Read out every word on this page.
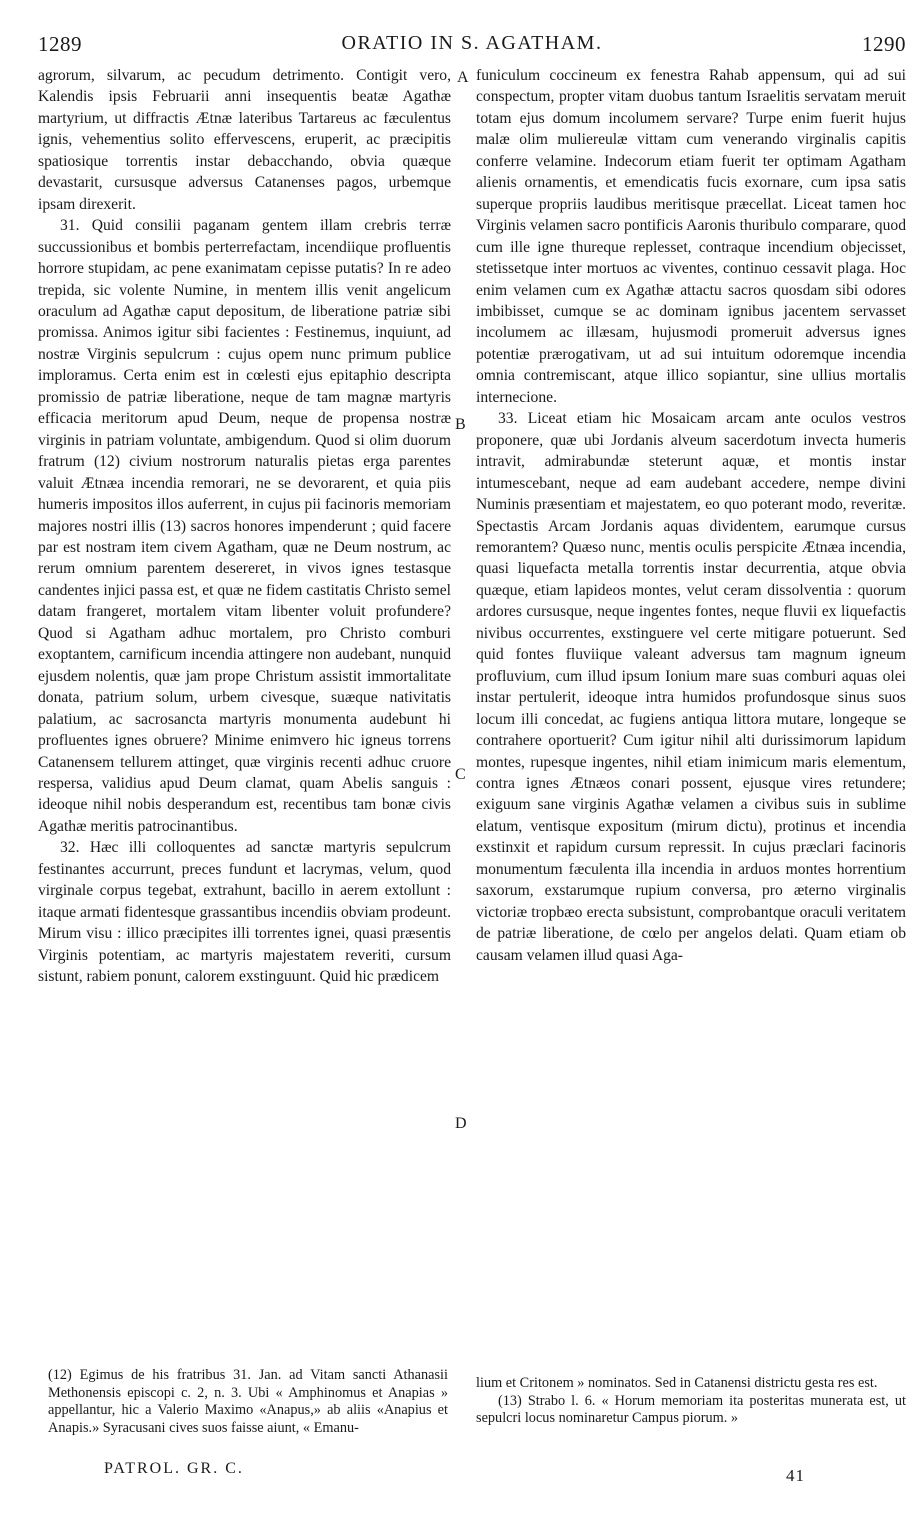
1289	ORATIO IN S. AGATHAM.	1290

agrorum, silvarum, ac pecudum detrimento. Contigit vero, Kalendis ipsis Februarii anni insequentis beatæ Agathæ martyrium, ut diffractis Ætnæ lateribus Tartareus ac fæculentus ignis, vehementius solito effervescens, eruperit, ac præcipitis spatiosique torrentis instar debacchando, obvia quæque devastarit, cursusque adversus Catanenses pagos, urbemque ipsam direxerit.

31. Quid consilii paganam gentem illam crebris terræ succussionibus et bombis perterrefactam, incendiique profluentis horrore stupidam, ac pene exanimatam cepisse putatis? In re adeo trepida, sic volente Numine, in mentem illis venit angelicum oraculum ad Agathæ caput depositum, de liberatione patriæ sibi promissa. Animos igitur sibi facientes : Festinemus, inquiunt, ad nostræ Virginis sepulcrum : cujus opem nunc primum publice imploramus. Certa enim est in cœlesti ejus epitaphio descripta promissio de patriæ liberatione, neque de tam magnæ martyris efficacia meritorum apud Deum, neque de propensa nostræ virginis in patriam voluntate, ambigendum. Quod si olim duorum fratrum (12) civium nostrorum naturalis pietas erga parentes valuit Ætnæa incendia remorari, ne se devorarent, et quia piis humeris impositos illos auferrent, in cujus pii facinoris memoriam majores nostri illis (13) sacros honores impenderunt ; quid facere par est nostram item civem Agatham, quæ ne Deum nostrum, ac rerum omnium parentem desereret, in vivos ignes testasque candentes injici passa est, et quæ ne fidem castitatis Christo semel datam frangeret, mortalem vitam libenter voluit profundere? Quod si Agatham adhuc mortalem, pro Christo comburi exoptantem, carnificum incendia attingere non audebant, nunquid ejusdem nolentis, quæ jam prope Christum assistit immortalitate donata, patrium solum, urbem civesque, suæque nativitatis palatium, ac sacrosancta martyris monumenta audebunt hi profluentes ignes obruere? Minime enimvero hic igneus torrens Catanensem tellurem attinget, quæ virginis recenti adhuc cruore respersa, validius apud Deum clamat, quam Abelis sanguis : ideoque nihil nobis desperandum est, recentibus tam bonæ civis Agathæ meritis patrocinantibus.

32. Hæc illi colloquentes ad sanctæ martyris sepulcrum festinantes accurrunt, preces fundunt et lacrymas, velum, quod virginale corpus tegebat, extrahunt, bacillo in aerem extollunt : itaque armati fidentesque grassantibus incendiis obviam prodeunt. Mirum visu : illico præcipites illi torrentes ignei, quasi præsentis Virginis potentiam, ac martyris majestatem reveriti, cursum sistunt, rabiem ponunt, calorem exstinguunt. Quid hic prædicem

A
B
C
D

funiculum coccineum ex fenestra Rahab appensum, qui ad sui conspectum, propter vitam duobus tantum Israelitis servatam meruit totam ejus domum incolumem servare? Turpe enim fuerit hujus malæ olim muliereulæ vittam cum venerando virginalis capitis conferre velamine. Indecorum etiam fuerit ter optimam Agatham alienis ornamentis, et emendicatis fucis exornare, cum ipsa satis superque propriis laudibus meritisque præcellat. Liceat tamen hoc Virginis velamen sacro pontificis Aaronis thuribulo comparare, quod cum ille igne thureque replesset, contraque incendium objecisset, stetissetque inter mortuos ac viventes, continuo cessavit plaga. Hoc enim velamen cum ex Agathæ attactu sacros quosdam sibi odores imbibisset, cumque se ac dominam ignibus jacentem servasset incolumem ac illæsam, hujusmodi promeruit adversus ignes potentiæ prærogativam, ut ad sui intuitum odoremque incendia omnia contremiscant, atque illico sopiantur, sine ullius mortalis internecione.

33. Liceat etiam hic Mosaicam arcam ante oculos vestros proponere, quæ ubi Jordanis alveum sacerdotum invecta humeris intravit, admirabundæ steterunt aquæ, et montis instar intumescebant, neque ad eam audebant accedere, nempe divini Numinis præsentiam et majestatem, eo quo poterant modo, reveritæ. Spectastis Arcam Jordanis aquas dividentem, earumque cursus remorantem? Quæso nunc, mentis oculis perspicite Ætnæa incendia, quasi liquefacta metalla torrentis instar decurrentia, atque obvia quæque, etiam lapideos montes, velut ceram dissolventia : quorum ardores cursusque, neque ingentes fontes, neque fluvii ex liquefactis nivibus occurrentes, exstinguere vel certe mitigare potuerunt. Sed quid fontes fluviique valeant adversus tam magnum igneum profluvium, cum illud ipsum Ionium mare suas comburi aquas olei instar pertulerit, ideoque intra humidos profundosque sinus suos locum illi concedat, ac fugiens antiqua littora mutare, longeque se contrahere oportuerit? Cum igitur nihil alti durissimorum lapidum montes, rupesque ingentes, nihil etiam inimicum maris elementum, contra ignes Ætnæos conari possent, ejusque vires retundere; exiguum sane virginis Agathæ velamen a civibus suis in sublime elatum, ventisque expositum (mirum dictu), protinus et incendia exstinxit et rapidum cursum repressit. In cujus præclari facinoris monumentum fæculenta illa incendia in arduos montes horrentium saxorum, exstarumque rupium conversa, pro æterno virginalis victoriæ tropbæo erecta subsistunt, comprobantque oraculi veritatem de patriæ liberatione, de cœlo per angelos delati. Quam etiam ob causam velamen illud quasi Aga-

(12) Egimus de his fratribus 31. Jan. ad Vitam sancti Athanasii Methonensis episcopi c. 2, n. 3. Ubi « Amphinomus et Anapias » appellantur, hic a Valerio Maximo «Anapus,» ab aliis «Anapius et Anapis.» Syracusani cives suos faisse aiunt, « Emanu-

lium et Critonem » nominatos. Sed in Catanensi districtu gesta res est.

(13) Strabo l. 6. « Horum memoriam ita posteritas munerata est, ut sepulcri locus nominaretur Campus piorum. »

PATROL. GR. C.	41
